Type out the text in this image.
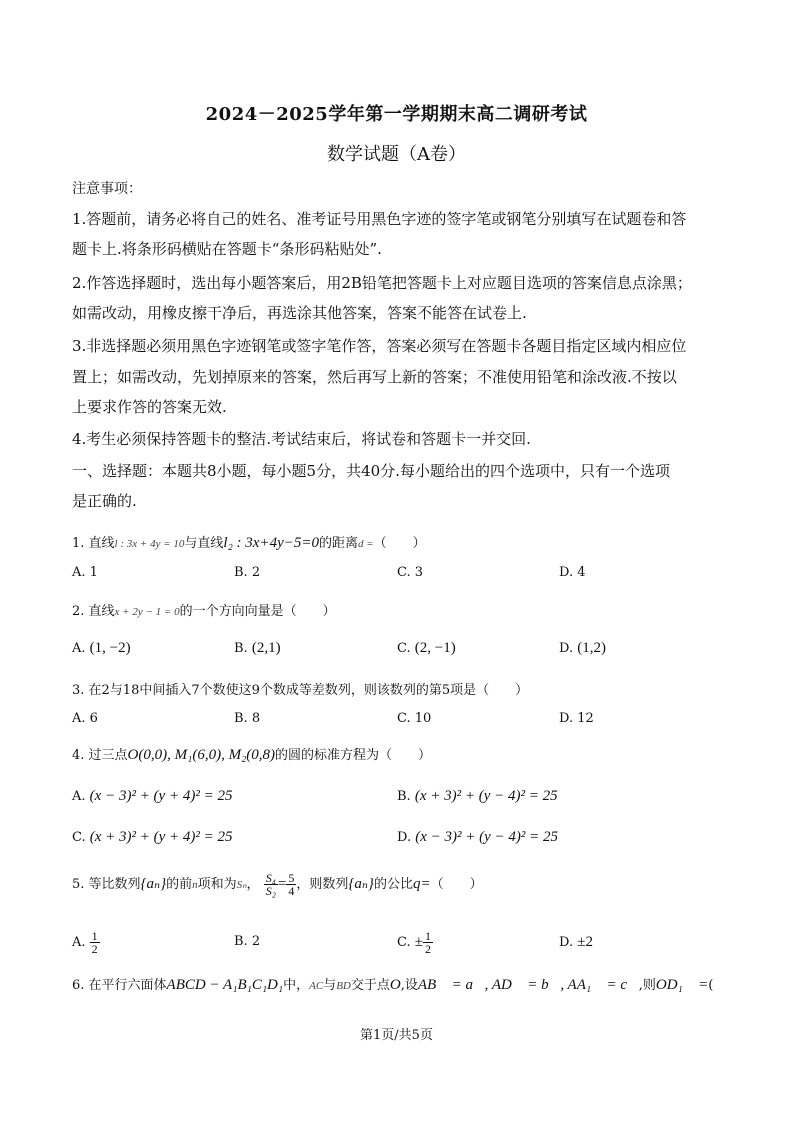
2024－2025学年第一学期期末高二调研考试
数学试题（A卷）
注意事项：
1.答题前，请务必将自己的姓名、准考证号用黑色字迹的签字笔或钢笔分别填写在试题卷和答
题卡上.将条形码横贴在答题卡“条形码粘贴处”.
2.作答选择题时，选出每小题答案后，用2B铅笔把答题卡上对应题目选项的答案信息点涂黑；
如需改动，用橡皮擦干净后，再选涂其他答案，答案不能答在试卷上.
3.非选择题必须用黑色字迹钢笔或签字笔作答，答案必须写在答题卡各题目指定区域内相应位
置上；如需改动，先划掉原来的答案，然后再写上新的答案；不准使用铅笔和涂改液.不按以
上要求作答的答案无效.
4.考生必须保持答题卡的整洁.考试结束后，将试卷和答题卡一并交回.
一、选择题：本题共8小题，每小题5分，共40分.每小题给出的四个选项中，只有一个选项
是正确的.
1. 直线l : 3x + 4y = 10与直线l₂ : 3x+4y−5=0的距离d =（　　）
A. 1	B. 2	C. 3	D. 4
2. 直线x + 2y − 1 = 0的一个方向向量是（　　）
A. (1, −2)	B. (2,1)	C. (2, −1)	D. (1,2)
3. 在2与18中间插入7个数使这9个数成等差数列，则该数列的第5项是（　　）
A. 6	B. 8	C. 10	D. 12
4. 过三点O(0,0), M₁(6,0), M₂(0,8)的圆的标准方程为（　　）
A. (x − 3)² + (y + 4)² = 25	B. (x + 3)² + (y − 4)² = 25
C. (x + 3)² + (y + 4)² = 25	D. (x − 3)² + (y − 4)² = 25
5. 等比数列{aₙ}的前n项和为Sₙ， $\frac{\text{S₄}}{\text{S₂}} = \frac{5}{4}$ ，则数列{aₙ}的公比q=（　　）
A. $\frac{1}{2}$	B. 2	C. ± $\frac{1}{2}$	D. ±2
6. 在平行六面体ABCD − A₁B₁C₁D₁中，AC与BD交于点O,设AB⃗ = a⃗, AD⃗ = b⃗, AA₁⃗ = c⃗,则OD₁⃗ =(
第1页/共5页
